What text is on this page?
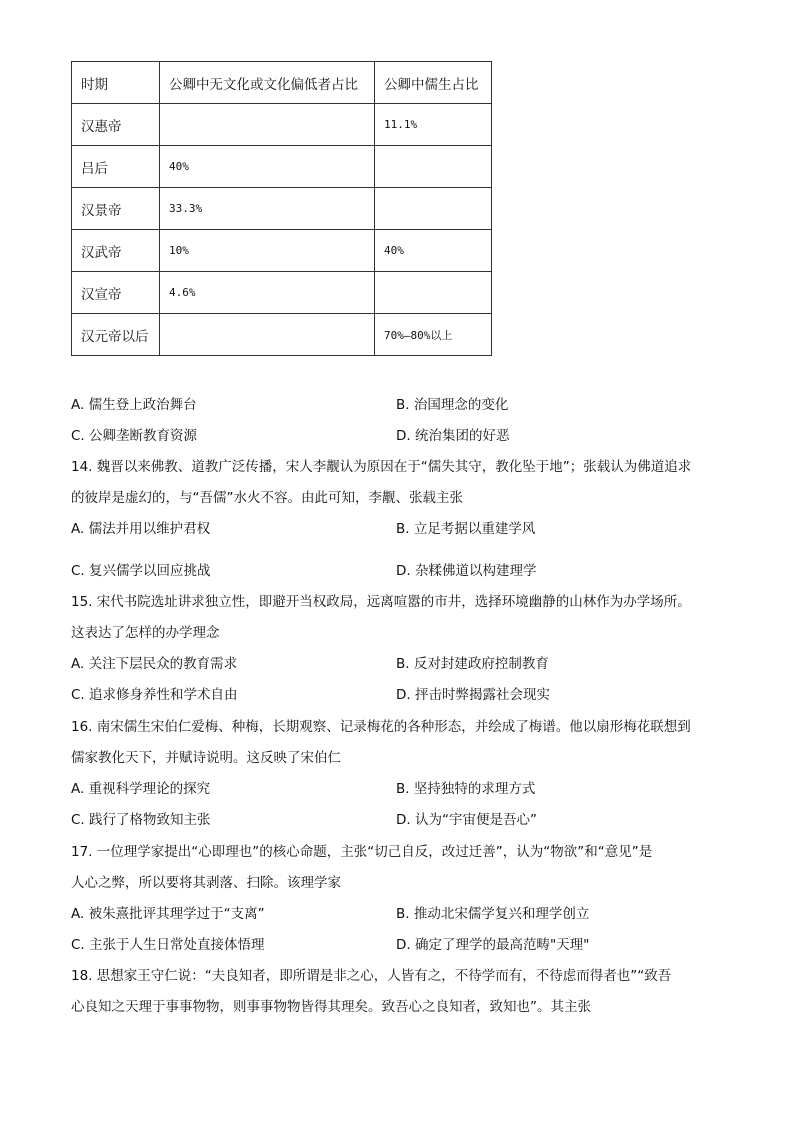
时期	公卿中无文化或文化偏低者占比	公卿中儒生占比
汉惠帝		11.1%
吕后	40%	
汉景帝	33.3%	
汉武帝	10%	40%
汉宣帝	4.6%	
汉元帝以后		70%—80%以上
A. 儒生登上政治舞台	B. 治国理念的变化
C. 公卿垄断教育资源	D. 统治集团的好恶
14. 魏晋以来佛教、道教广泛传播，宋人李觏认为原因在于“儒失其守，教化坠于地”；张载认为佛道追求
的彼岸是虚幻的，与“吾儒”水火不容。由此可知，李觏、张载主张
A. 儒法并用以维护君权	B. 立足考据以重建学风
C. 复兴儒学以回应挑战	D. 杂糅佛道以构建理学
15. 宋代书院选址讲求独立性，即避开当权政局，远离喧嚣的市井，选择环境幽静的山林作为办学场所。
这表达了怎样的办学理念
A. 关注下层民众的教育需求	B. 反对封建政府控制教育
C. 追求修身养性和学术自由	D. 抨击时弊揭露社会现实
16. 南宋儒生宋伯仁爱梅、种梅，长期观察、记录梅花的各种形态，并绘成了梅谱。他以扇形梅花联想到
儒家教化天下，并赋诗说明。这反映了宋伯仁
A. 重视科学理论的探究	B. 坚持独特的求理方式
C. 践行了格物致知主张	D. 认为“宇宙便是吾心”
17. 一位理学家提出“心即理也”的核心命题，主张“切己自反，改过迁善”，认为“物欲”和“意见”是
人心之弊，所以要将其剥落、扫除。该理学家
A. 被朱熹批评其理学过于“支离”	B. 推动北宋儒学复兴和理学创立
C. 主张于人生日常处直接体悟理	D. 确定了理学的最高范畴"天理"
18. 思想家王守仁说：“夫良知者，即所谓是非之心，人皆有之，不待学而有，不待虑而得者也”“致吾
心良知之天理于事事物物，则事事物物皆得其理矣。致吾心之良知者，致知也”。其主张
